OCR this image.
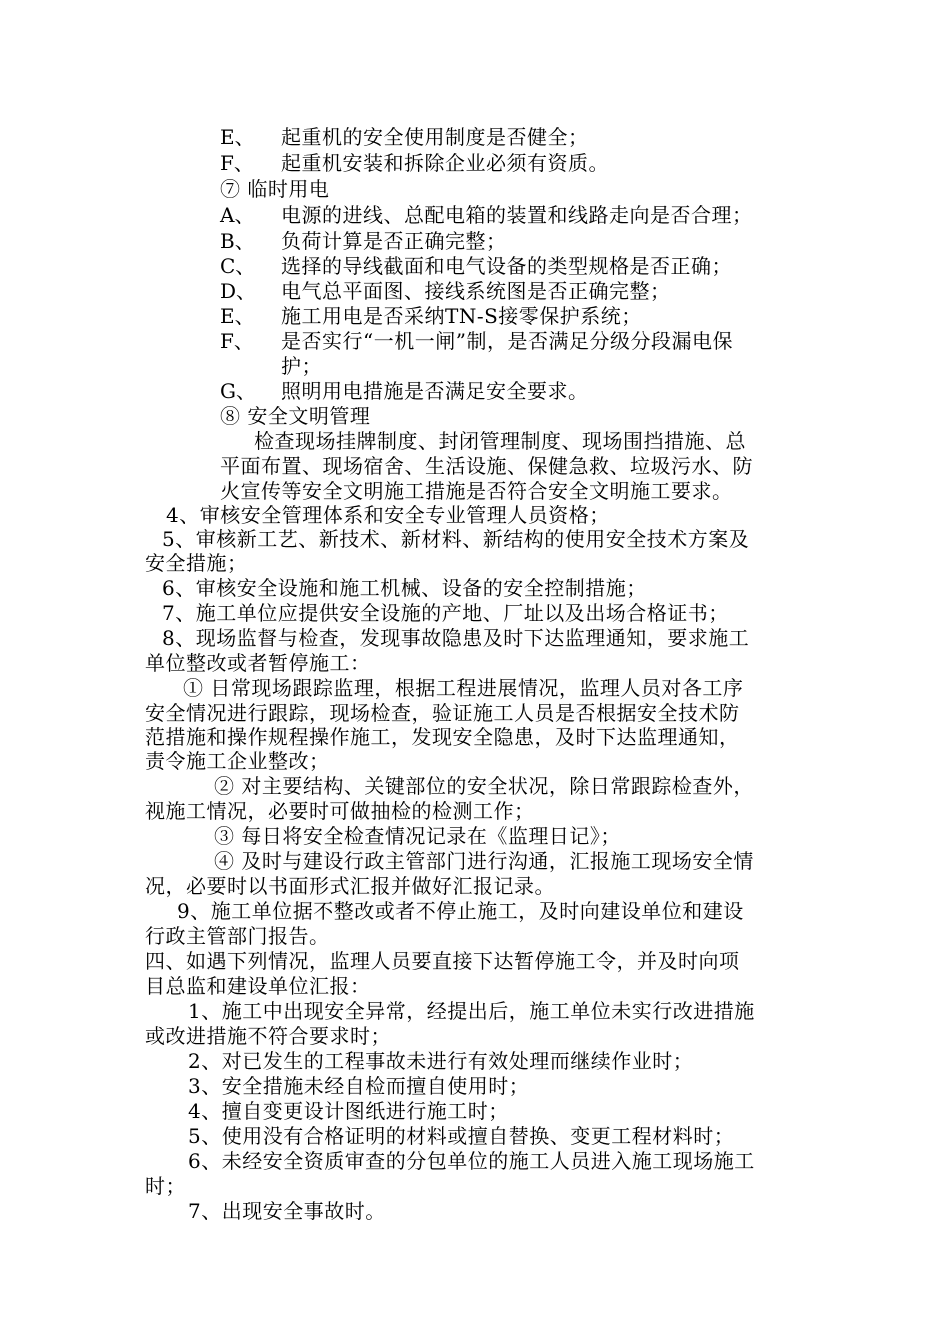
E、 起重机的安全使用制度是否健全；
F、 起重机安装和拆除企业必须有资质。
⑦ 临时用电
A、 电源的进线、总配电箱的装置和线路走向是否合理；
B、 负荷计算是否正确完整；
C、 选择的导线截面和电气设备的类型规格是否正确；
D、 电气总平面图、接线系统图是否正确完整；
E、 施工用电是否采纳TN-S接零保护系统；
F、 是否实行“一机一闸”制，是否满足分级分段漏电保
护；
G、 照明用电措施是否满足安全要求。
⑧ 安全文明管理
检查现场挂牌制度、封闭管理制度、现场围挡措施、总
平面布置、现场宿舍、生活设施、保健急救、垃圾污水、防
火宣传等安全文明施工措施是否符合安全文明施工要求。
4、审核安全管理体系和安全专业管理人员资格；
5、审核新工艺、新技术、新材料、新结构的使用安全技术方案及
安全措施；
6、审核安全设施和施工机械、设备的安全控制措施；
7、施工单位应提供安全设施的产地、厂址以及出场合格证书；
8、现场监督与检查，发现事故隐患及时下达监理通知，要求施工
单位整改或者暂停施工：
① 日常现场跟踪监理，根据工程进展情况，监理人员对各工序
安全情况进行跟踪，现场检查，验证施工人员是否根据安全技术防
范措施和操作规程操作施工，发现安全隐患，及时下达监理通知，
责令施工企业整改；
② 对主要结构、关键部位的安全状况，除日常跟踪检查外，
视施工情况，必要时可做抽检的检测工作；
③ 每日将安全检查情况记录在《监理日记》；
④ 及时与建设行政主管部门进行沟通，汇报施工现场安全情
况，必要时以书面形式汇报并做好汇报记录。
9、施工单位据不整改或者不停止施工，及时向建设单位和建设
行政主管部门报告。
四、如遇下列情况，监理人员要直接下达暂停施工令，并及时向项
目总监和建设单位汇报：
1、施工中出现安全异常，经提出后，施工单位未实行改进措施
或改进措施不符合要求时；
2、对已发生的工程事故未进行有效处理而继续作业时；
3、安全措施未经自检而擅自使用时；
4、擅自变更设计图纸进行施工时；
5、使用没有合格证明的材料或擅自替换、变更工程材料时；
6、未经安全资质审查的分包单位的施工人员进入施工现场施工
时；
7、出现安全事故时。
